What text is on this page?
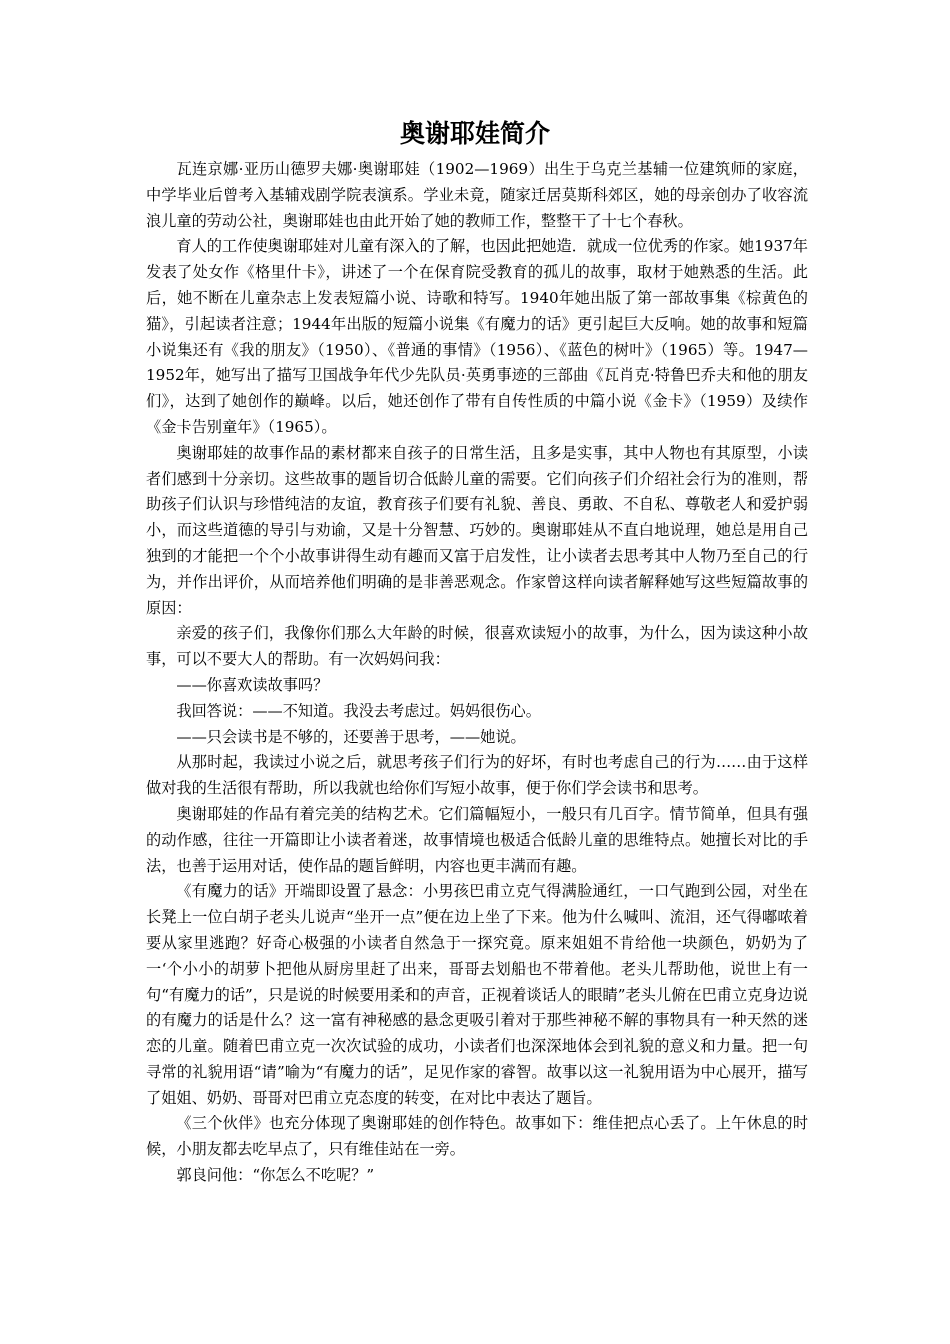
奥谢耶娃简介

瓦连京娜·亚历山德罗夫娜·奥谢耶娃（1902—1969）出生于乌克兰基辅一位建筑师的家庭，中学毕业后曾考入基辅戏剧学院表演系。学业未竟，随家迁居莫斯科郊区，她的母亲创办了收容流浪儿童的劳动公社，奥谢耶娃也由此开始了她的教师工作，整整干了十七个春秋。

育人的工作使奥谢耶娃对儿童有深入的了解，也因此把她造．就成一位优秀的作家。她1937年发表了处女作《格里什卡》，讲述了一个在保育院受教育的孤儿的故事，取材于她熟悉的生活。此后，她不断在儿童杂志上发表短篇小说、诗歌和特写。1940年她出版了第一部故事集《棕黄色的猫》，引起读者注意；1944年出版的短篇小说集《有魔力的话》更引起巨大反响。她的故事和短篇小说集还有《我的朋友》（1950）、《普通的事情》（1956）、《蓝色的树叶》（1965）等。1947—1952年，她写出了描写卫国战争年代少先队员·英勇事迹的三部曲《瓦肖克·特鲁巴乔夫和他的朋友们》，达到了她创作的巅峰。以后，她还创作了带有自传性质的中篇小说《金卡》（1959）及续作《金卡告别童年》（1965）。

奥谢耶娃的故事作品的素材都来自孩子的日常生活，且多是实事，其中人物也有其原型，小读者们感到十分亲切。这些故事的题旨切合低龄儿童的需要。它们向孩子们介绍社会行为的准则，帮助孩子们认识与珍惜纯洁的友谊，教育孩子们要有礼貌、善良、勇敢、不自私、尊敬老人和爱护弱小，而这些道德的导引与劝谕，又是十分智慧、巧妙的。奥谢耶娃从不直白地说理，她总是用自己独到的才能把一个个小故事讲得生动有趣而又富于启发性，让小读者去思考其中人物乃至自己的行为，并作出评价，从而培养他们明确的是非善恶观念。作家曾这样向读者解释她写这些短篇故事的原因：

亲爱的孩子们，我像你们那么大年龄的时候，很喜欢读短小的故事，为什么，因为读这种小故事，可以不要大人的帮助。有一次妈妈问我：

——你喜欢读故事吗？

我回答说：——不知道。我没去考虑过。妈妈很伤心。

——只会读书是不够的，还要善于思考，——她说。

从那时起，我读过小说之后，就思考孩子们行为的好坏，有时也考虑自己的行为……由于这样做对我的生活很有帮助，所以我就也给你们写短小故事，便于你们学会读书和思考。

奥谢耶娃的作品有着完美的结构艺术。它们篇幅短小，一般只有几百字。情节简单，但具有强的动作感，往往一开篇即让小读者着迷，故事情境也极适合低龄儿童的思维特点。她擅长对比的手法，也善于运用对话，使作品的题旨鲜明，内容也更丰满而有趣。

《有魔力的话》开端即设置了悬念：小男孩巴甫立克气得满脸通红，一口气跑到公园，对坐在长凳上一位白胡子老头儿说声“坐开一点”便在边上坐了下来。他为什么喊叫、流泪，还气得嘟哝着要从家里逃跑？好奇心极强的小读者自然急于一探究竟。原来姐姐不肯给他一块颜色，奶奶为了一‘个小小的胡萝卜把他从厨房里赶了出来，哥哥去划船也不带着他。老头儿帮助他，说世上有一句“有魔力的话”，只是说的时候要用柔和的声音，正视着谈话人的眼睛”老头儿俯在巴甫立克身边说的有魔力的话是什么？这一富有神秘感的悬念更吸引着对于那些神秘不解的事物具有一种天然的迷恋的儿童。随着巴甫立克一次次试验的成功，小读者们也深深地体会到礼貌的意义和力量。把一句寻常的礼貌用语“请”喻为“有魔力的话”，足见作家的睿智。故事以这一礼貌用语为中心展开，描写了姐姐、奶奶、哥哥对巴甫立克态度的转变，在对比中表达了题旨。

《三个伙伴》也充分体现了奥谢耶娃的创作特色。故事如下：维佳把点心丢了。上午休息的时候，小朋友都去吃早点了，只有维佳站在一旁。

郭良问他：“你怎么不吃呢？”
